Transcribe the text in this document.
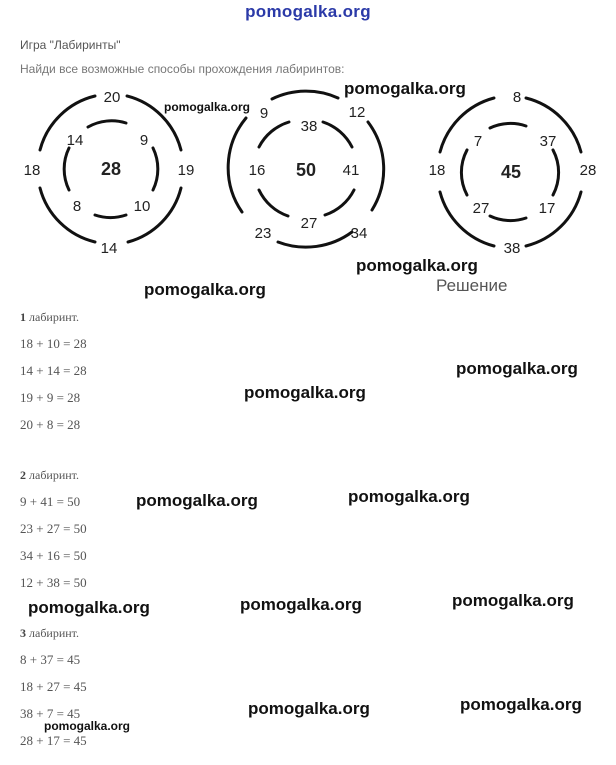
pomogalka.org
Игра "Лабиринты"
Найди все возможные способы прохождения лабиринтов:
20
18	19
14
14	9
8	10
28
9	12
23	34
38
16	41
27
50
8
18	28
38
7	37
27	17
45
pomogalka.org
pomogalka.org
pomogalka.org
pomogalka.org
pomogalka.org
pomogalka.org
pomogalka.org	pomogalka.org
pomogalka.org	pomogalka.org	pomogalka.org
pomogalka.org	pomogalka.org
pomogalka.org
Решение
1 лабиринт.
18 + 10 = 28
14 + 14 = 28
19 + 9 = 28
20 + 8 = 28
2 лабиринт.
9 + 41 = 50
23 + 27 = 50
34 + 16 = 50
12 + 38 = 50
3 лабиринт.
8 + 37 = 45
18 + 27 = 45
38 + 7 = 45
28 + 17 = 45
